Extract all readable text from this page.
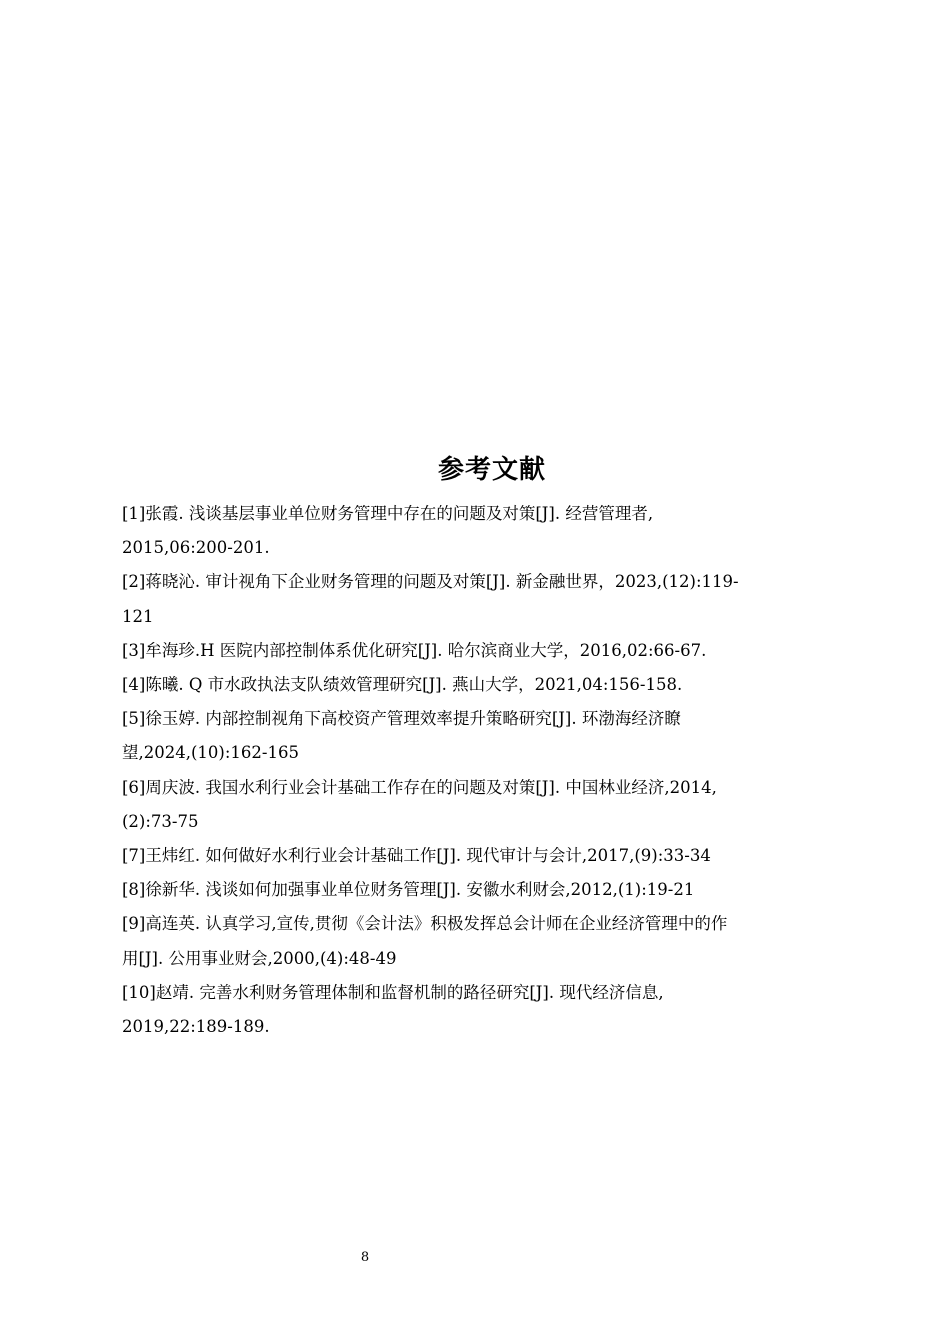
参考文献
[1]张霞. 浅谈基层事业单位财务管理中存在的问题及对策[J]. 经营管理者,
2015,06:200-201.
[2]蒋晓沁. 审计视角下企业财务管理的问题及对策[J]. 新金融世界，2023,(12):119-
121
[3]牟海珍.H 医院内部控制体系优化研究[J]. 哈尔滨商业大学，2016,02:66-67.
[4]陈曦. Q 市水政执法支队绩效管理研究[J]. 燕山大学，2021,04:156-158.
[5]徐玉婷. 内部控制视角下高校资产管理效率提升策略研究[J]. 环渤海经济瞭
望,2024,(10):162-165
[6]周庆波. 我国水利行业会计基础工作存在的问题及对策[J]. 中国林业经济,2014,
(2):73-75
[7]王炜红. 如何做好水利行业会计基础工作[J]. 现代审计与会计,2017,(9):33-34
[8]徐新华. 浅谈如何加强事业单位财务管理[J]. 安徽水利财会,2012,(1):19-21
[9]高连英. 认真学习,宣传,贯彻《会计法》积极发挥总会计师在企业经济管理中的作
用[J]. 公用事业财会,2000,(4):48-49
[10]赵靖. 完善水利财务管理体制和监督机制的路径研究[J]. 现代经济信息,
2019,22:189-189.
8
